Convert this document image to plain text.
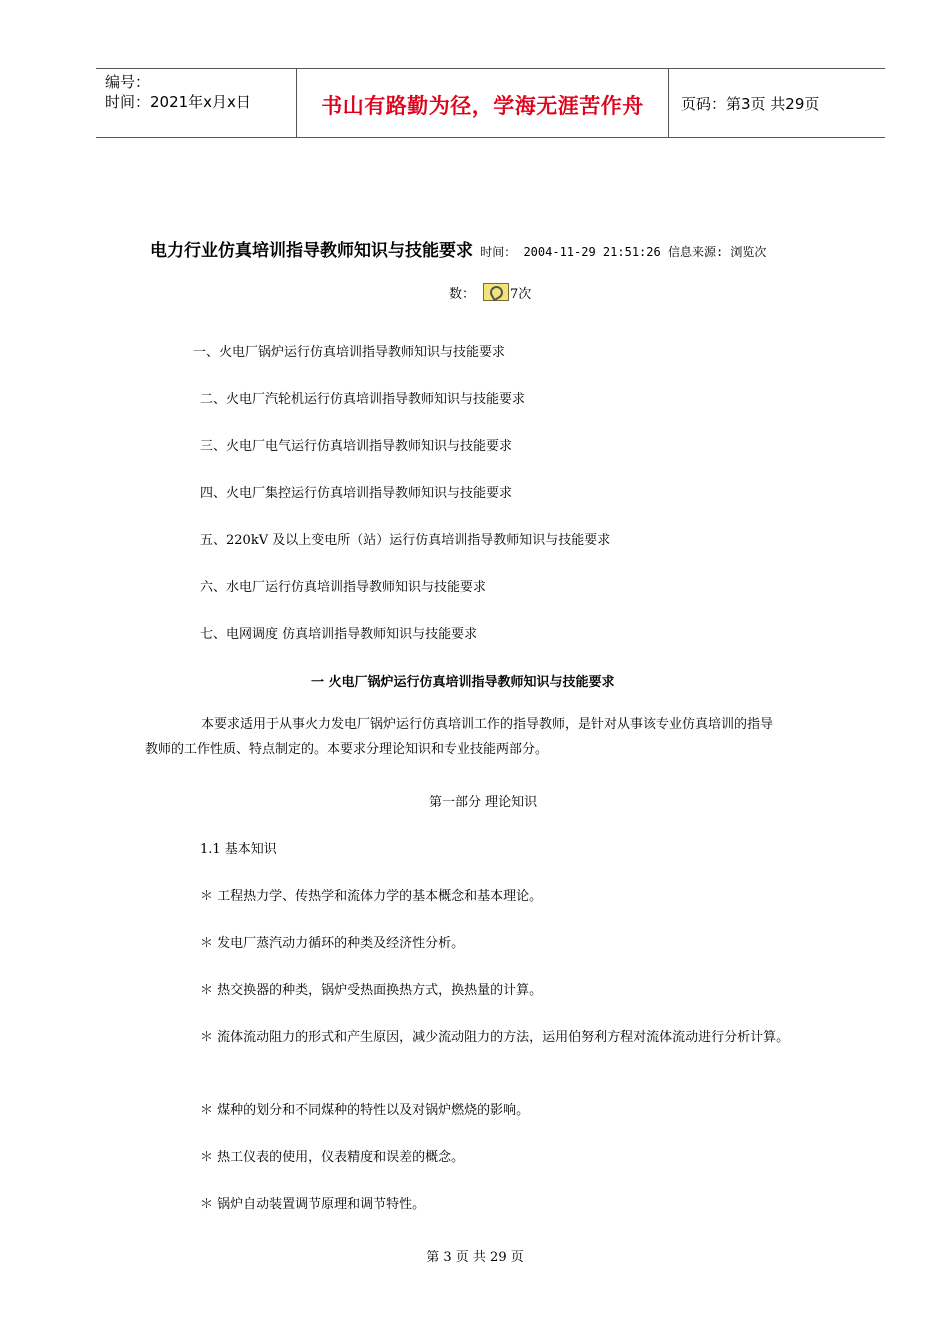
编号：
时间：2021年x月x日	书山有路勤为径，学海无涯苦作舟	页码：第3页 共29页
电力行业仿真培训指导教师知识与技能要求 时间： 2004-11-29 21:51:26 信息来源: 浏览次
数：	7次
一、火电厂锅炉运行仿真培训指导教师知识与技能要求
二、火电厂汽轮机运行仿真培训指导教师知识与技能要求
三、火电厂电气运行仿真培训指导教师知识与技能要求
四、火电厂集控运行仿真培训指导教师知识与技能要求
五、220kV 及以上变电所（站）运行仿真培训指导教师知识与技能要求
六、水电厂运行仿真培训指导教师知识与技能要求
七、电网调度 仿真培训指导教师知识与技能要求
一 火电厂锅炉运行仿真培训指导教师知识与技能要求
本要求适用于从事火力发电厂锅炉运行仿真培训工作的指导教师，是针对从事该专业仿真培训的指导
教师的工作性质、特点制定的。本要求分理论知识和专业技能两部分。
第一部分 理论知识
1.1 基本知识
＊ 工程热力学、传热学和流体力学的基本概念和基本理论。
＊ 发电厂蒸汽动力循环的种类及经济性分析。
＊ 热交换器的种类，锅炉受热面换热方式，换热量的计算。
＊ 流体流动阻力的形式和产生原因，减少流动阻力的方法，运用伯努利方程对流体流动进行分析计算。
＊ 煤种的划分和不同煤种的特性以及对锅炉燃烧的影响。
＊ 热工仪表的使用，仪表精度和误差的概念。
＊ 锅炉自动装置调节原理和调节特性。
第 3 页 共 29 页
